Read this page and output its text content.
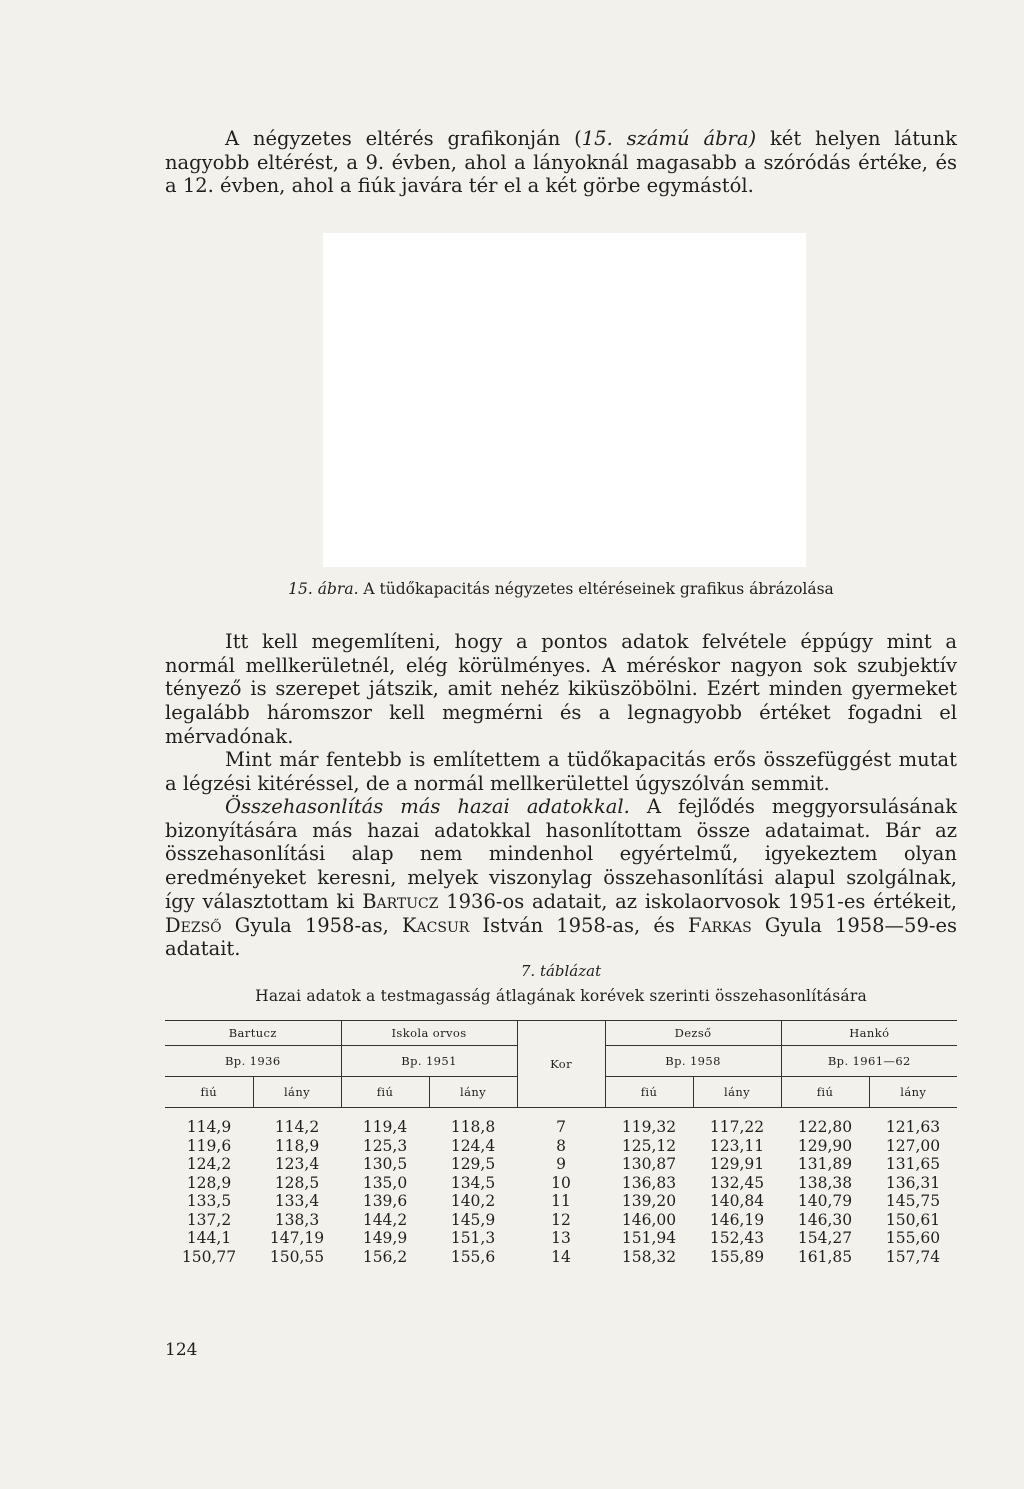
A négyzetes eltérés grafikonján (15. számú ábra) két helyen látunk nagyobb eltérést, a 9. évben, ahol a lányoknál magasabb a szóródás értéke, és a 12. évben, ahol a fiúk javára tér el a két görbe egymástól.

15. ábra. A tüdőkapacitás négyzetes eltéréseinek grafikus ábrázolása

Itt kell megemlíteni, hogy a pontos adatok felvétele éppúgy mint a normál mellkerületnél, elég körülményes. A méréskor nagyon sok szubjektív tényező is szerepet játszik, amit nehéz kiküszöbölni. Ezért minden gyermeket legalább háromszor kell megmérni és a legnagyobb értéket fogadni el mérvadónak.

Mint már fentebb is említettem a tüdőkapacitás erős összefüggést mutat a légzési kitéréssel, de a normál mellkerülettel úgyszólván semmit.

Összehasonlítás más hazai adatokkal. A fejlődés meggyorsulásának bizonyítására más hazai adatokkal hasonlítottam össze adataimat. Bár az összehasonlítási alap nem mindenhol egyértelmű, igyekeztem olyan eredményeket keresni, melyek viszonylag összehasonlítási alapul szolgálnak, így választottam ki Bartucz 1936-os adatait, az iskolaorvosok 1951-es értékeit, Dezső Gyula 1958-as, Kacsur István 1958-as, és Farkas Gyula 1958—59-es adatait.

7. táblázat
Hazai adatok a testmagasság átlagának korévek szerinti összehasonlítására
Bartucz		Iskola orvos		Kor	Dezső		Hankó	
Bp. 1936		Bp. 1951			Bp. 1958		Bp. 1961—62	
fiú	lány	fiú	lány		fiú	lány	fiú	lány
114,9	114,2	119,4	118,8	7	119,32	117,22	122,80	121,63
119,6	118,9	125,3	124,4	8	125,12	123,11	129,90	127,00
124,2	123,4	130,5	129,5	9	130,87	129,91	131,89	131,65
128,9	128,5	135,0	134,5	10	136,83	132,45	138,38	136,31
133,5	133,4	139,6	140,2	11	139,20	140,84	140,79	145,75
137,2	138,3	144,2	145,9	12	146,00	146,19	146,30	150,61
144,1	147,19	149,9	151,3	13	151,94	152,43	154,27	155,60
150,77	150,55	156,2	155,6	14	158,32	155,89	161,85	157,74
124
